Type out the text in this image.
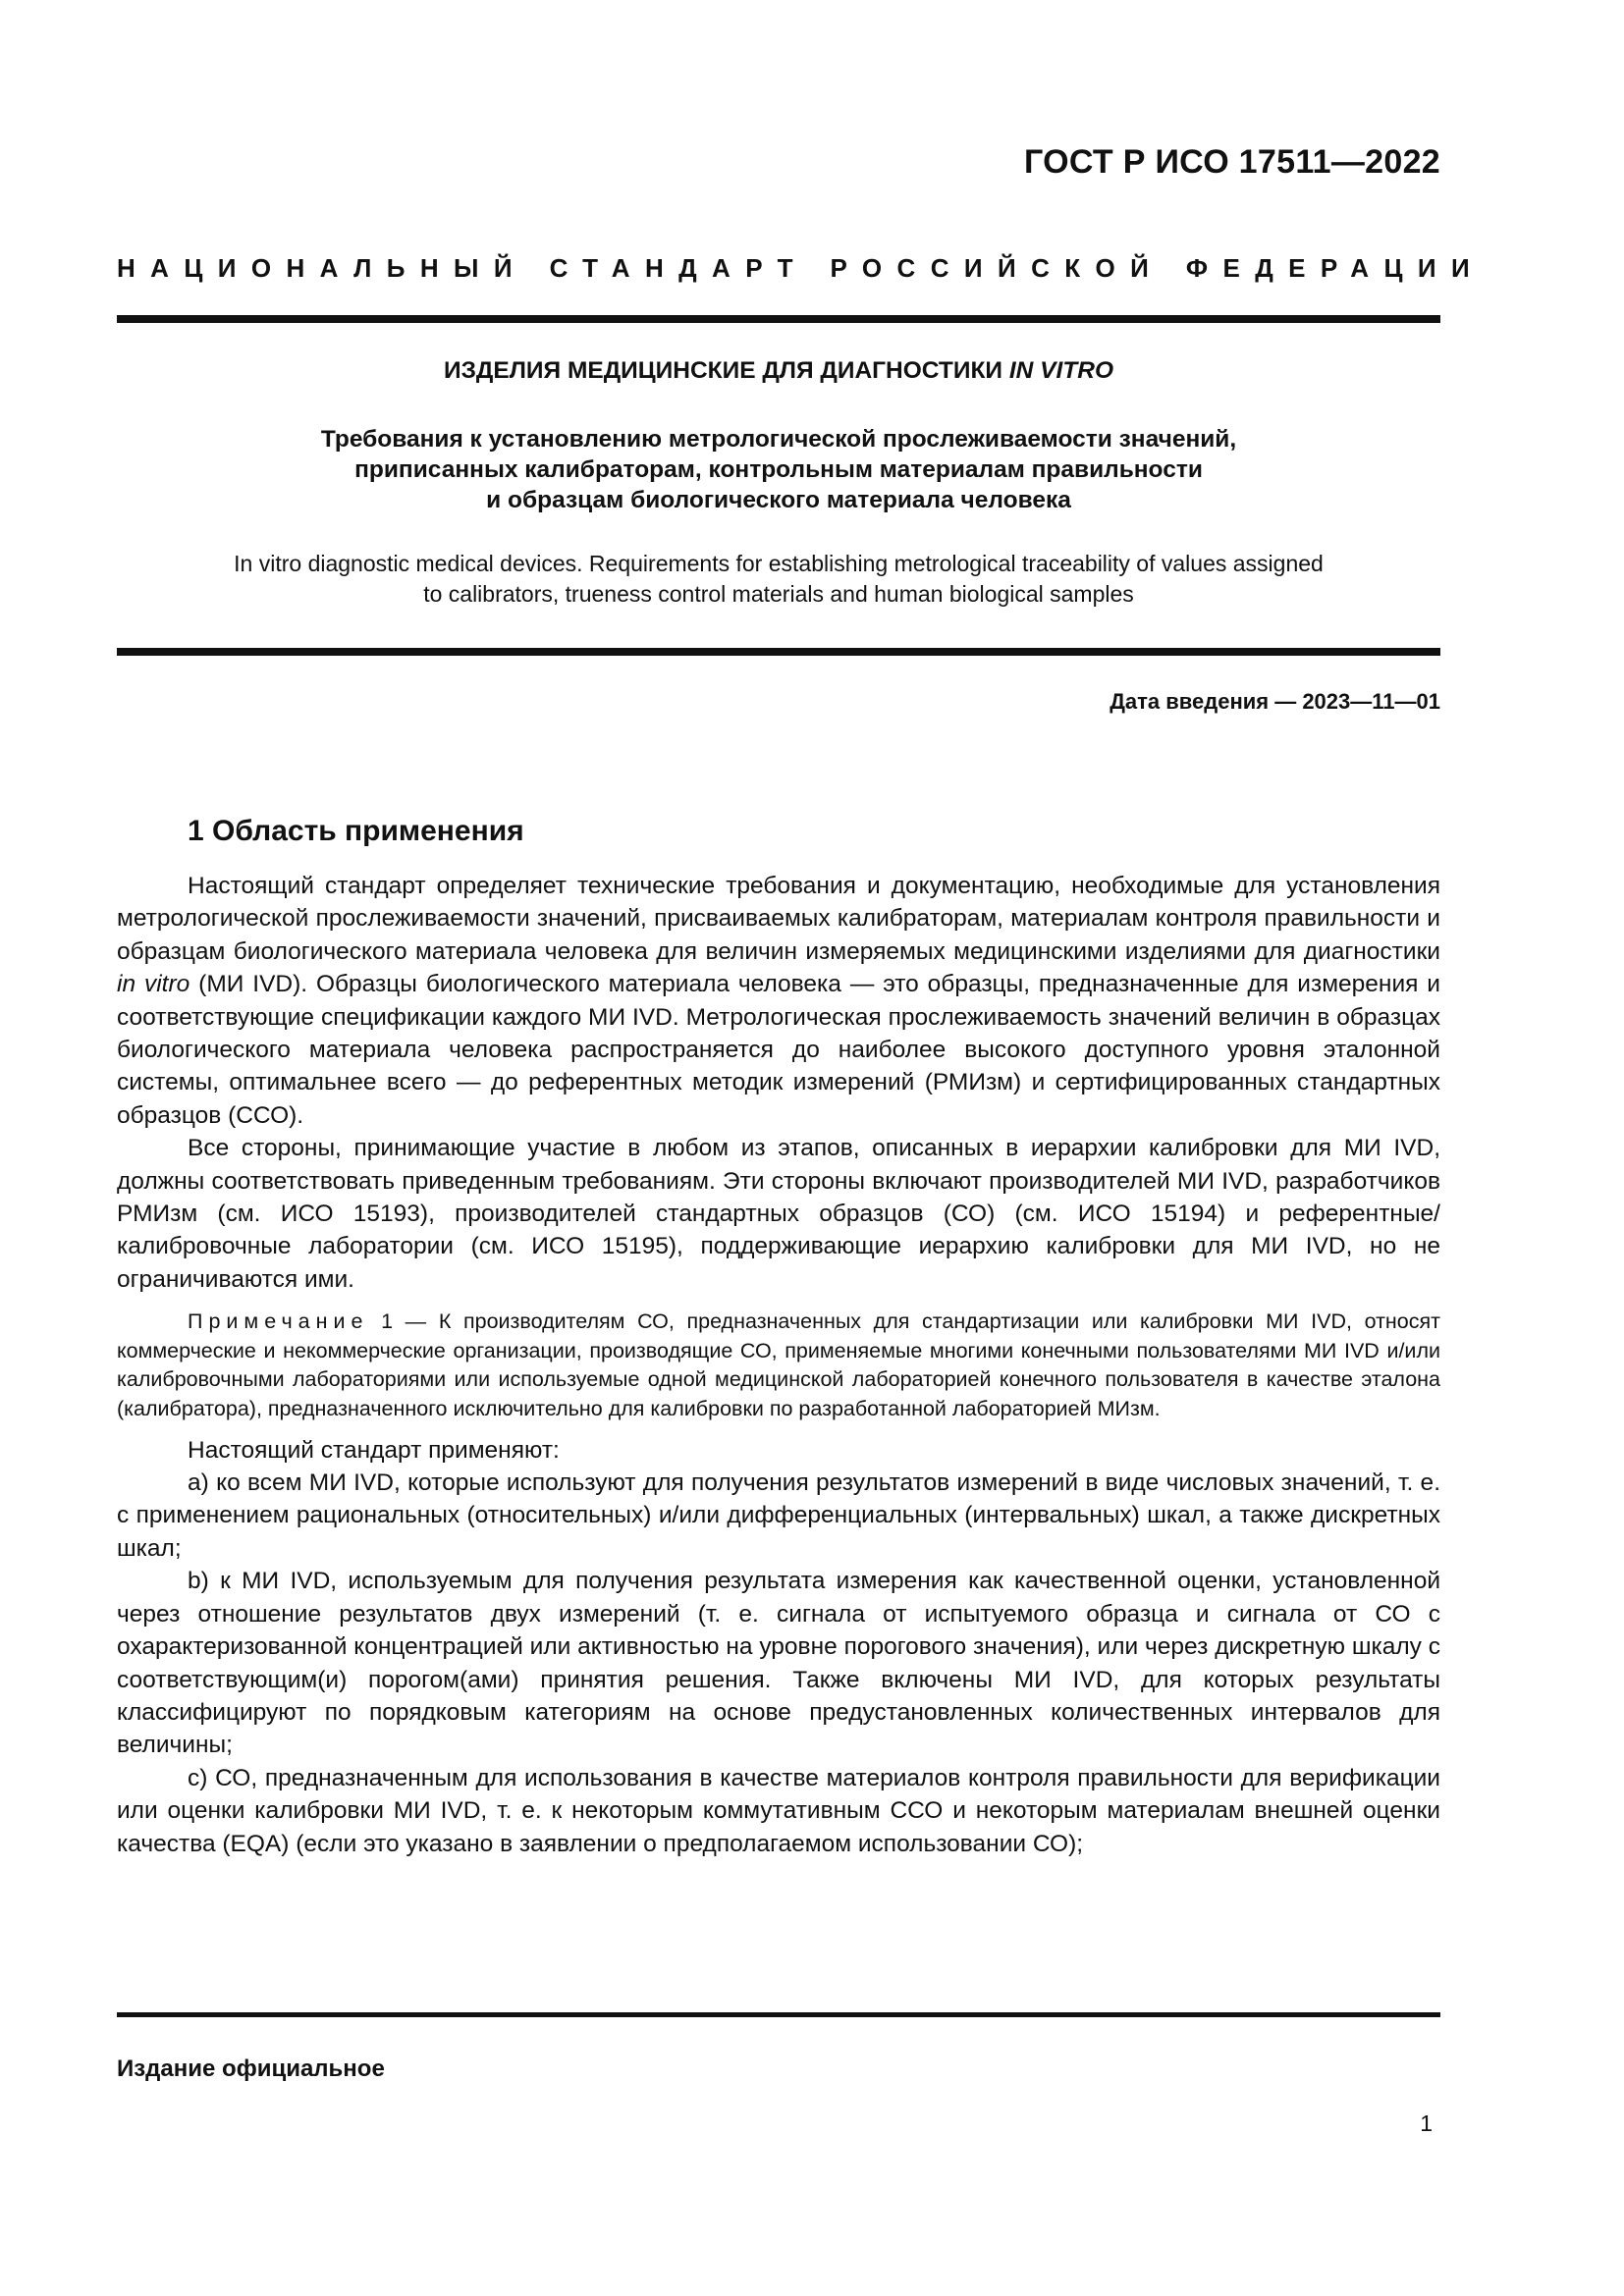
ГОСТ Р ИСО 17511—2022
НАЦИОНАЛЬНЫЙ СТАНДАРТ РОССИЙСКОЙ ФЕДЕРАЦИИ
ИЗДЕЛИЯ МЕДИЦИНСКИЕ ДЛЯ ДИАГНОСТИКИ IN VITRO
Требования к установлению метрологической прослеживаемости значений,
приписанных калибраторам, контрольным материалам правильности
и образцам биологического материала человека
In vitro diagnostic medical devices. Requirements for establishing metrological traceability of values assigned
to calibrators, trueness control materials and human biological samples
Дата введения — 2023—11—01
1 Область применения

Настоящий стандарт определяет технические требования и документацию, необходимые для установления метрологической прослеживаемости значений, присваиваемых калибраторам, материалам контроля правильности и образцам биологического материала человека для величин измеряемых медицинскими изделиями для диагностики in vitro (МИ IVD). Образцы биологического материала человека — это образцы, предназначенные для измерения и соответствующие спецификации каждого МИ IVD. Метрологическая прослеживаемость значений величин в образцах биологического материала человека распространяется до наиболее высокого доступного уровня эталонной системы, оптимальнее всего — до референтных методик измерений (РМИзм) и сертифицированных стандартных образцов (ССО).

Все стороны, принимающие участие в любом из этапов, описанных в иерархии калибровки для МИ IVD, должны соответствовать приведенным требованиям. Эти стороны включают производителей МИ IVD, разработчиков РМИзм (см. ИСО 15193), производителей стандартных образцов (СО) (см. ИСО 15194) и референтные/калибровочные лаборатории (см. ИСО 15195), поддерживающие иерархию калибровки для МИ IVD, но не ограничиваются ими.

Примечание 1 — К производителям СО, предназначенных для стандартизации или калибровки МИ IVD, относят коммерческие и некоммерческие организации, производящие СО, применяемые многими конечными пользователями МИ IVD и/или калибровочными лабораториями или используемые одной медицинской лабораторией конечного пользователя в качестве эталона (калибратора), предназначенного исключительно для калибровки по разработанной лабораторией МИзм.

Настоящий стандарт применяют:

a) ко всем МИ IVD, которые используют для получения результатов измерений в виде числовых значений, т. е. с применением рациональных (относительных) и/или дифференциальных (интервальных) шкал, а также дискретных шкал;

b) к МИ IVD, используемым для получения результата измерения как качественной оценки, установленной через отношение результатов двух измерений (т. е. сигнала от испытуемого образца и сигнала от СО с охарактеризованной концентрацией или активностью на уровне порогового значения), или через дискретную шкалу с соответствующим(и) порогом(ами) принятия решения. Также включены МИ IVD, для которых результаты классифицируют по порядковым категориям на основе предустановленных количественных интервалов для величины;

c) СО, предназначенным для использования в качестве материалов контроля правильности для верификации или оценки калибровки МИ IVD, т. е. к некоторым коммутативным ССО и некоторым материалам внешней оценки качества (EQA) (если это указано в заявлении о предполагаемом использовании СО);

Издание официальное
1
